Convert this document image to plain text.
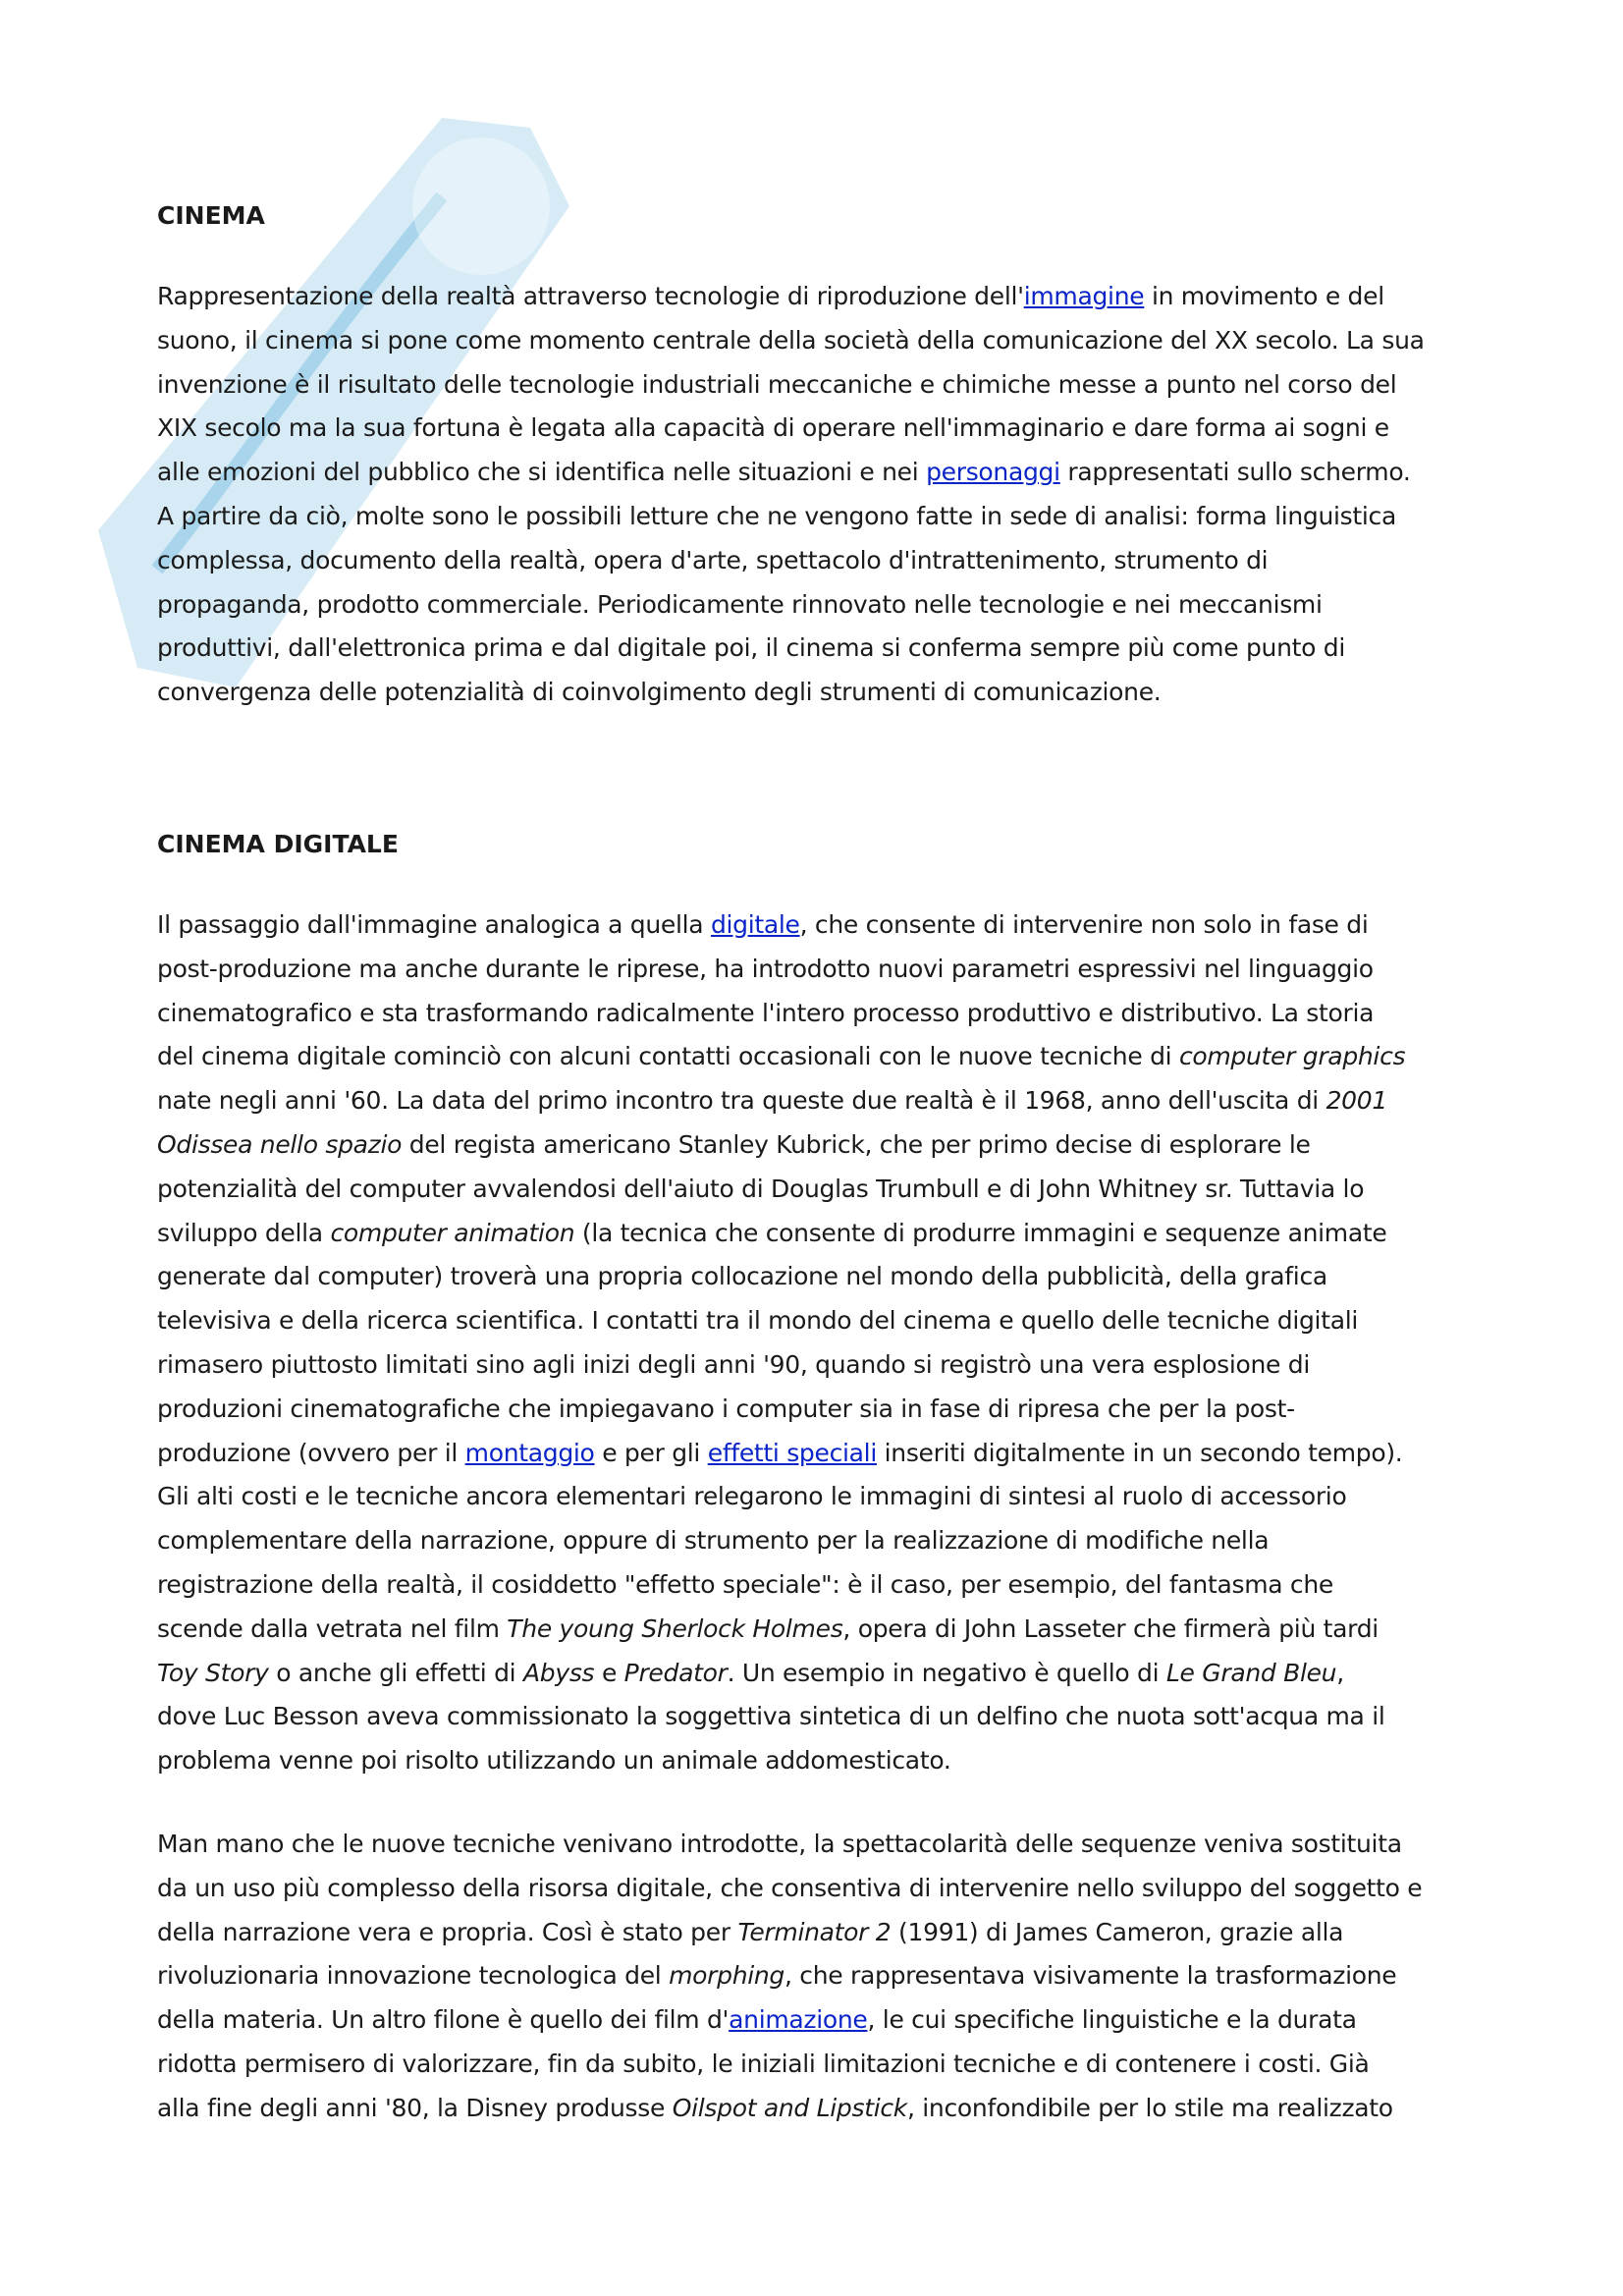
CINEMA
Rappresentazione della realtà attraverso tecnologie di riproduzione dell'immagine in movimento e del
suono, il cinema si pone come momento centrale della società della comunicazione del XX secolo. La sua
invenzione è il risultato delle tecnologie industriali meccaniche e chimiche messe a punto nel corso del
XIX secolo ma la sua fortuna è legata alla capacità di operare nell'immaginario e dare forma ai sogni e
alle emozioni del pubblico che si identifica nelle situazioni e nei personaggi rappresentati sullo schermo.
A partire da ciò, molte sono le possibili letture che ne vengono fatte in sede di analisi: forma linguistica
complessa, documento della realtà, opera d'arte, spettacolo d'intrattenimento, strumento di
propaganda, prodotto commerciale. Periodicamente rinnovato nelle tecnologie e nei meccanismi
produttivi, dall'elettronica prima e dal digitale poi, il cinema si conferma sempre più come punto di
convergenza delle potenzialità di coinvolgimento degli strumenti di comunicazione.
CINEMA DIGITALE
Il passaggio dall'immagine analogica a quella digitale, che consente di intervenire non solo in fase di
post-produzione ma anche durante le riprese, ha introdotto nuovi parametri espressivi nel linguaggio
cinematografico e sta trasformando radicalmente l'intero processo produttivo e distributivo. La storia
del cinema digitale cominciò con alcuni contatti occasionali con le nuove tecniche di computer graphics
nate negli anni '60. La data del primo incontro tra queste due realtà è il 1968, anno dell'uscita di 2001
Odissea nello spazio del regista americano Stanley Kubrick, che per primo decise di esplorare le
potenzialità del computer avvalendosi dell'aiuto di Douglas Trumbull e di John Whitney sr. Tuttavia lo
sviluppo della computer animation (la tecnica che consente di produrre immagini e sequenze animate
generate dal computer) troverà una propria collocazione nel mondo della pubblicità, della grafica
televisiva e della ricerca scientifica. I contatti tra il mondo del cinema e quello delle tecniche digitali
rimasero piuttosto limitati sino agli inizi degli anni '90, quando si registrò una vera esplosione di
produzioni cinematografiche che impiegavano i computer sia in fase di ripresa che per la post-
produzione (ovvero per il montaggio e per gli effetti speciali inseriti digitalmente in un secondo tempo).
Gli alti costi e le tecniche ancora elementari relegarono le immagini di sintesi al ruolo di accessorio
complementare della narrazione, oppure di strumento per la realizzazione di modifiche nella
registrazione della realtà, il cosiddetto "effetto speciale": è il caso, per esempio, del fantasma che
scende dalla vetrata nel film The young Sherlock Holmes, opera di John Lasseter che firmerà più tardi
Toy Story o anche gli effetti di Abyss e Predator. Un esempio in negativo è quello di Le Grand Bleu,
dove Luc Besson aveva commissionato la soggettiva sintetica di un delfino che nuota sott'acqua ma il
problema venne poi risolto utilizzando un animale addomesticato.
Man mano che le nuove tecniche venivano introdotte, la spettacolarità delle sequenze veniva sostituita
da un uso più complesso della risorsa digitale, che consentiva di intervenire nello sviluppo del soggetto e
della narrazione vera e propria. Così è stato per Terminator 2 (1991) di James Cameron, grazie alla
rivoluzionaria innovazione tecnologica del morphing, che rappresentava visivamente la trasformazione
della materia. Un altro filone è quello dei film d'animazione, le cui specifiche linguistiche e la durata
ridotta permisero di valorizzare, fin da subito, le iniziali limitazioni tecniche e di contenere i costi. Già
alla fine degli anni '80, la Disney produsse Oilspot and Lipstick, inconfondibile per lo stile ma realizzato
